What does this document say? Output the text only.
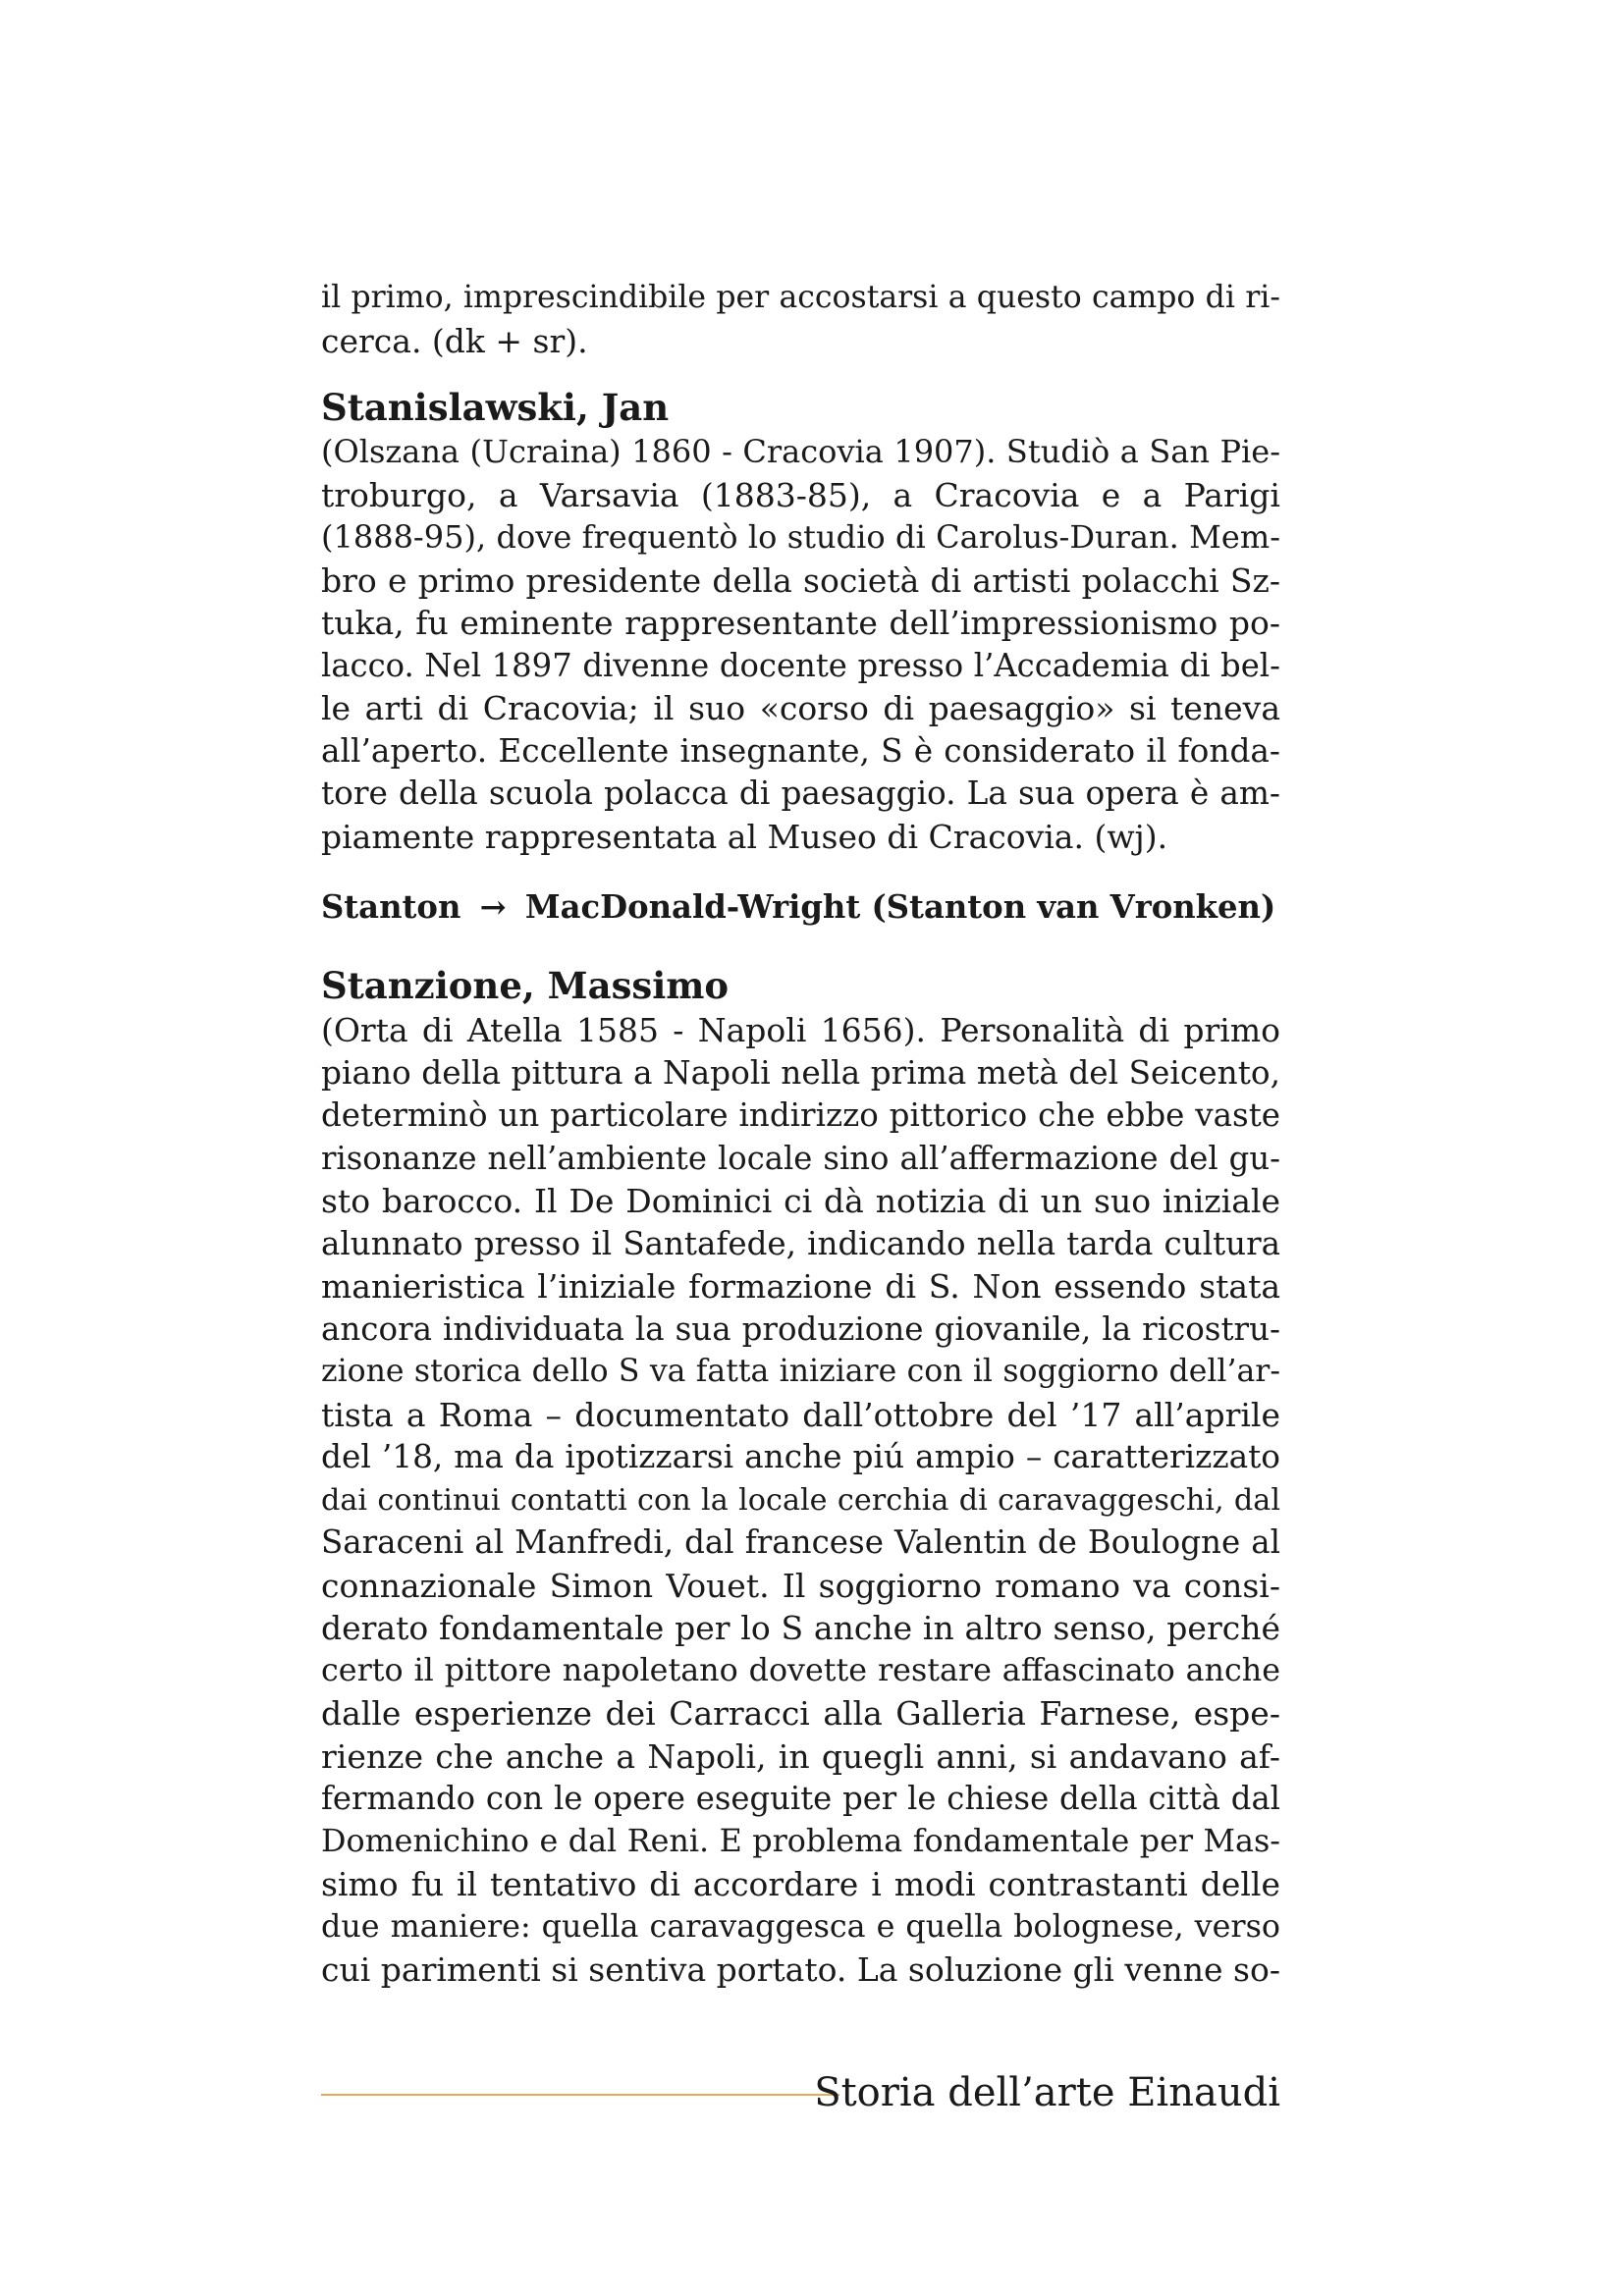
il primo, imprescindibile per accostarsi a questo campo di ri-
cerca. (dk + sr).
Stanislawski, Jan
(Olszana (Ucraina) 1860 - Cracovia 1907). Studiò a San Pie-
troburgo, a Varsavia (1883-85), a Cracovia e a Parigi
(1888-95), dove frequentò lo studio di Carolus-Duran. Mem-
bro e primo presidente della società di artisti polacchi Sz-
tuka, fu eminente rappresentante dell’impressionismo po-
lacco. Nel 1897 divenne docente presso l’Accademia di bel-
le arti di Cracovia; il suo «corso di paesaggio» si teneva
all’aperto. Eccellente insegnante, S è considerato il fonda-
tore della scuola polacca di paesaggio. La sua opera è am-
piamente rappresentata al Museo di Cracovia. (wj).
Stanton → MacDonald-Wright (Stanton van Vronken)
Stanzione, Massimo
(Orta di Atella 1585 - Napoli 1656). Personalità di primo
piano della pittura a Napoli nella prima metà del Seicento,
determinò un particolare indirizzo pittorico che ebbe vaste
risonanze nell’ambiente locale sino all’affermazione del gu-
sto barocco. Il De Dominici ci dà notizia di un suo iniziale
alunnato presso il Santafede, indicando nella tarda cultura
manieristica l’iniziale formazione di S. Non essendo stata
ancora individuata la sua produzione giovanile, la ricostru-
zione storica dello S va fatta iniziare con il soggiorno dell’ar-
tista a Roma – documentato dall’ottobre del ’17 all’aprile
del ’18, ma da ipotizzarsi anche piú ampio – caratterizzato
dai continui contatti con la locale cerchia di caravaggeschi, dal
Saraceni al Manfredi, dal francese Valentin de Boulogne al
connazionale Simon Vouet. Il soggiorno romano va consi-
derato fondamentale per lo S anche in altro senso, perché
certo il pittore napoletano dovette restare affascinato anche
dalle esperienze dei Carracci alla Galleria Farnese, espe-
rienze che anche a Napoli, in quegli anni, si andavano af-
fermando con le opere eseguite per le chiese della città dal
Domenichino e dal Reni. E problema fondamentale per Mas-
simo fu il tentativo di accordare i modi contrastanti delle
due maniere: quella caravaggesca e quella bolognese, verso
cui parimenti si sentiva portato. La soluzione gli venne so-
Storia dell’arte Einaudi
